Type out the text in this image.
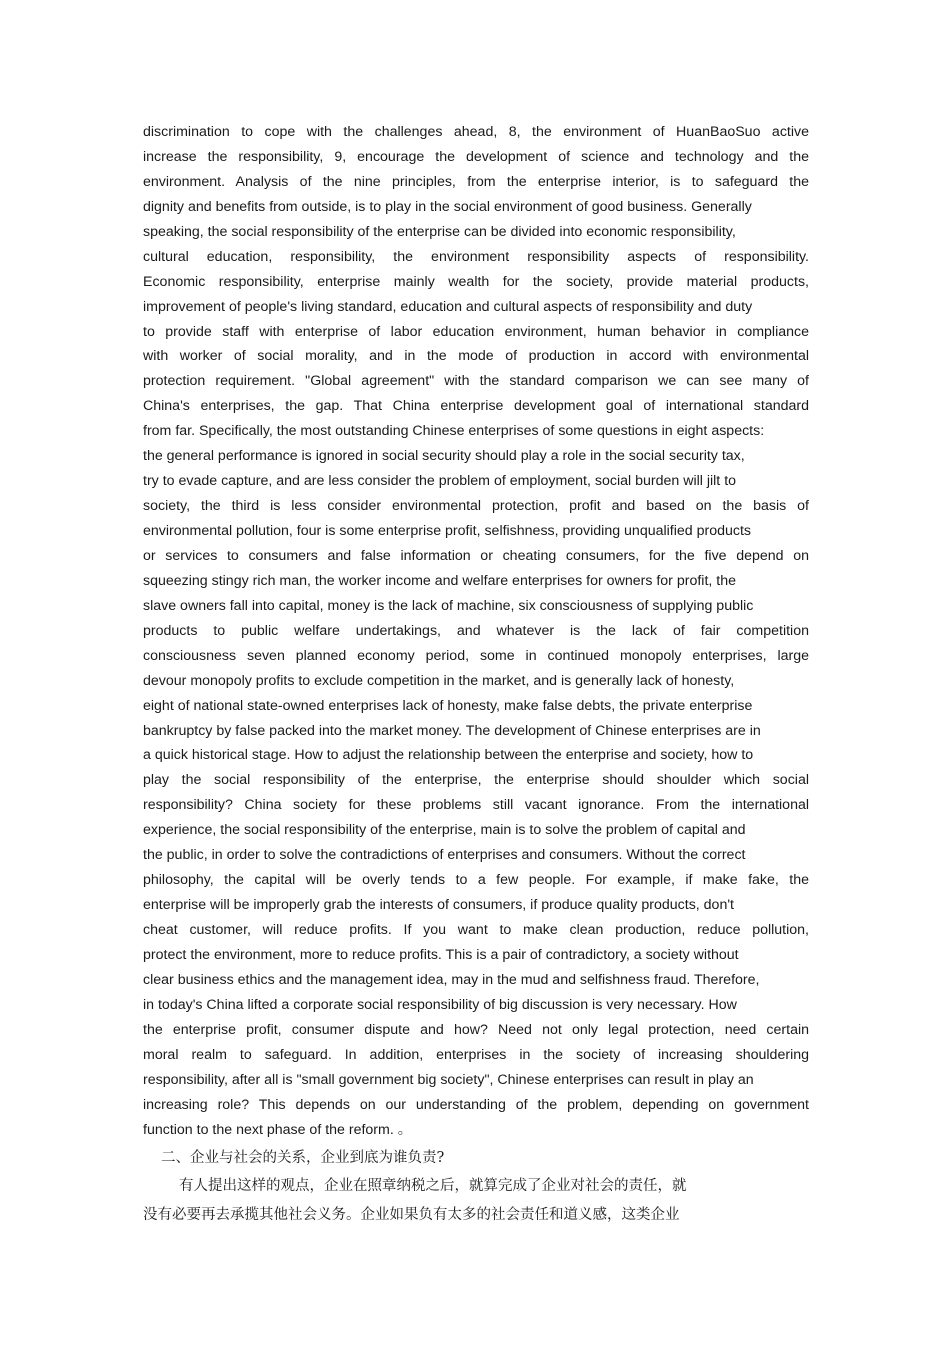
discrimination to cope with the challenges ahead, 8, the environment of HuanBaoSuo active
increase the responsibility, 9, encourage the development of science and technology and the
environment. Analysis of the nine principles, from the enterprise interior, is to safeguard the
dignity and benefits from outside, is to play in the social environment of good business. Generally
speaking, the social responsibility of the enterprise can be divided into economic responsibility,
cultural education, responsibility, the environment responsibility aspects of responsibility.
Economic responsibility, enterprise mainly wealth for the society, provide material products,
improvement of people's living standard, education and cultural aspects of responsibility and duty
to provide staff with enterprise of labor education environment, human behavior in compliance
with worker of social morality, and in the mode of production in accord with environmental
protection requirement. "Global agreement" with the standard comparison we can see many of
China's enterprises, the gap. That China enterprise development goal of international standard
from far. Specifically, the most outstanding Chinese enterprises of some questions in eight aspects:
the general performance is ignored in social security should play a role in the social security tax,
try to evade capture, and are less consider the problem of employment, social burden will jilt to
society, the third is less consider environmental protection, profit and based on the basis of
environmental pollution, four is some enterprise profit, selfishness, providing unqualified products
or services to consumers and false information or cheating consumers, for the five depend on
squeezing stingy rich man, the worker income and welfare enterprises for owners for profit, the
slave owners fall into capital, money is the lack of machine, six consciousness of supplying public
products to public welfare undertakings, and whatever is the lack of fair competition
consciousness seven planned economy period, some in continued monopoly enterprises, large
devour monopoly profits to exclude competition in the market, and is generally lack of honesty,
eight of national state-owned enterprises lack of honesty, make false debts, the private enterprise
bankruptcy by false packed into the market money. The development of Chinese enterprises are in
a quick historical stage. How to adjust the relationship between the enterprise and society, how to
play the social responsibility of the enterprise, the enterprise should shoulder which social
responsibility? China society for these problems still vacant ignorance. From the international
experience, the social responsibility of the enterprise, main is to solve the problem of capital and
the public, in order to solve the contradictions of enterprises and consumers. Without the correct
philosophy, the capital will be overly tends to a few people. For example, if make fake, the
enterprise will be improperly grab the interests of consumers, if produce quality products, don't
cheat customer, will reduce profits. If you want to make clean production, reduce pollution,
protect the environment, more to reduce profits. This is a pair of contradictory, a society without
clear business ethics and the management idea, may in the mud and selfishness fraud. Therefore,
in today's China lifted a corporate social responsibility of big discussion is very necessary. How
the enterprise profit, consumer dispute and how? Need not only legal protection, need certain
moral realm to safeguard. In addition, enterprises in the society of increasing shouldering
responsibility, after all is "small government big society", Chinese enterprises can result in play an
increasing role? This depends on our understanding of the problem, depending on government
function to the next phase of the reform. 。
二、企业与社会的关系，企业到底为谁负责?
有人提出这样的观点，企业在照章纳税之后，就算完成了企业对社会的责任，就
没有必要再去承揽其他社会义务。企业如果负有太多的社会责任和道义感，这类企业
